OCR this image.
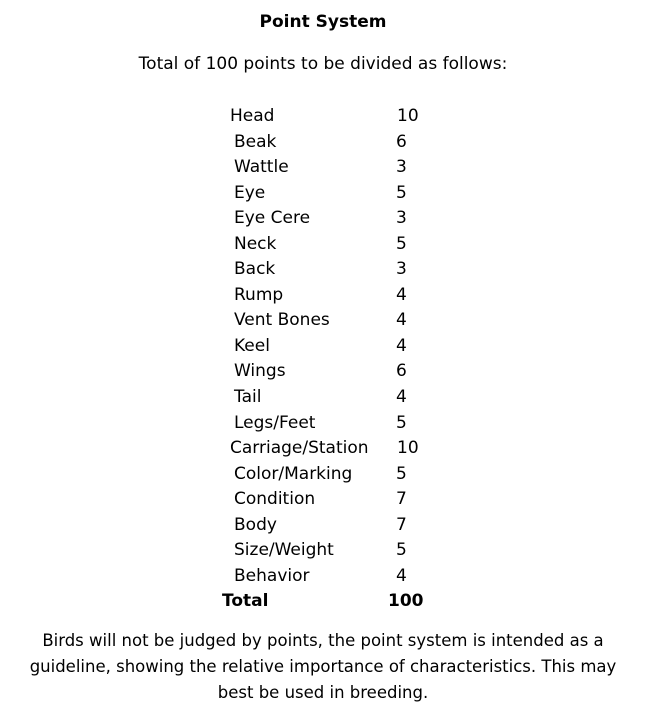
Point System
Total of 100 points to be divided as follows:
Head	10
Beak	6
Wattle	3
Eye	5
Eye Cere	3
Neck	5
Back	3
Rump	4
Vent Bones	4
Keel	4
Wings	6
Tail	4
Legs/Feet	5
Carriage/Station 10
Color/Marking	5
Condition	7
Body	7
Size/Weight	5
Behavior	4
Total	100
Birds will not be judged by points, the point system is intended as a guideline, showing the relative importance of characteristics. This may best be used in breeding.
